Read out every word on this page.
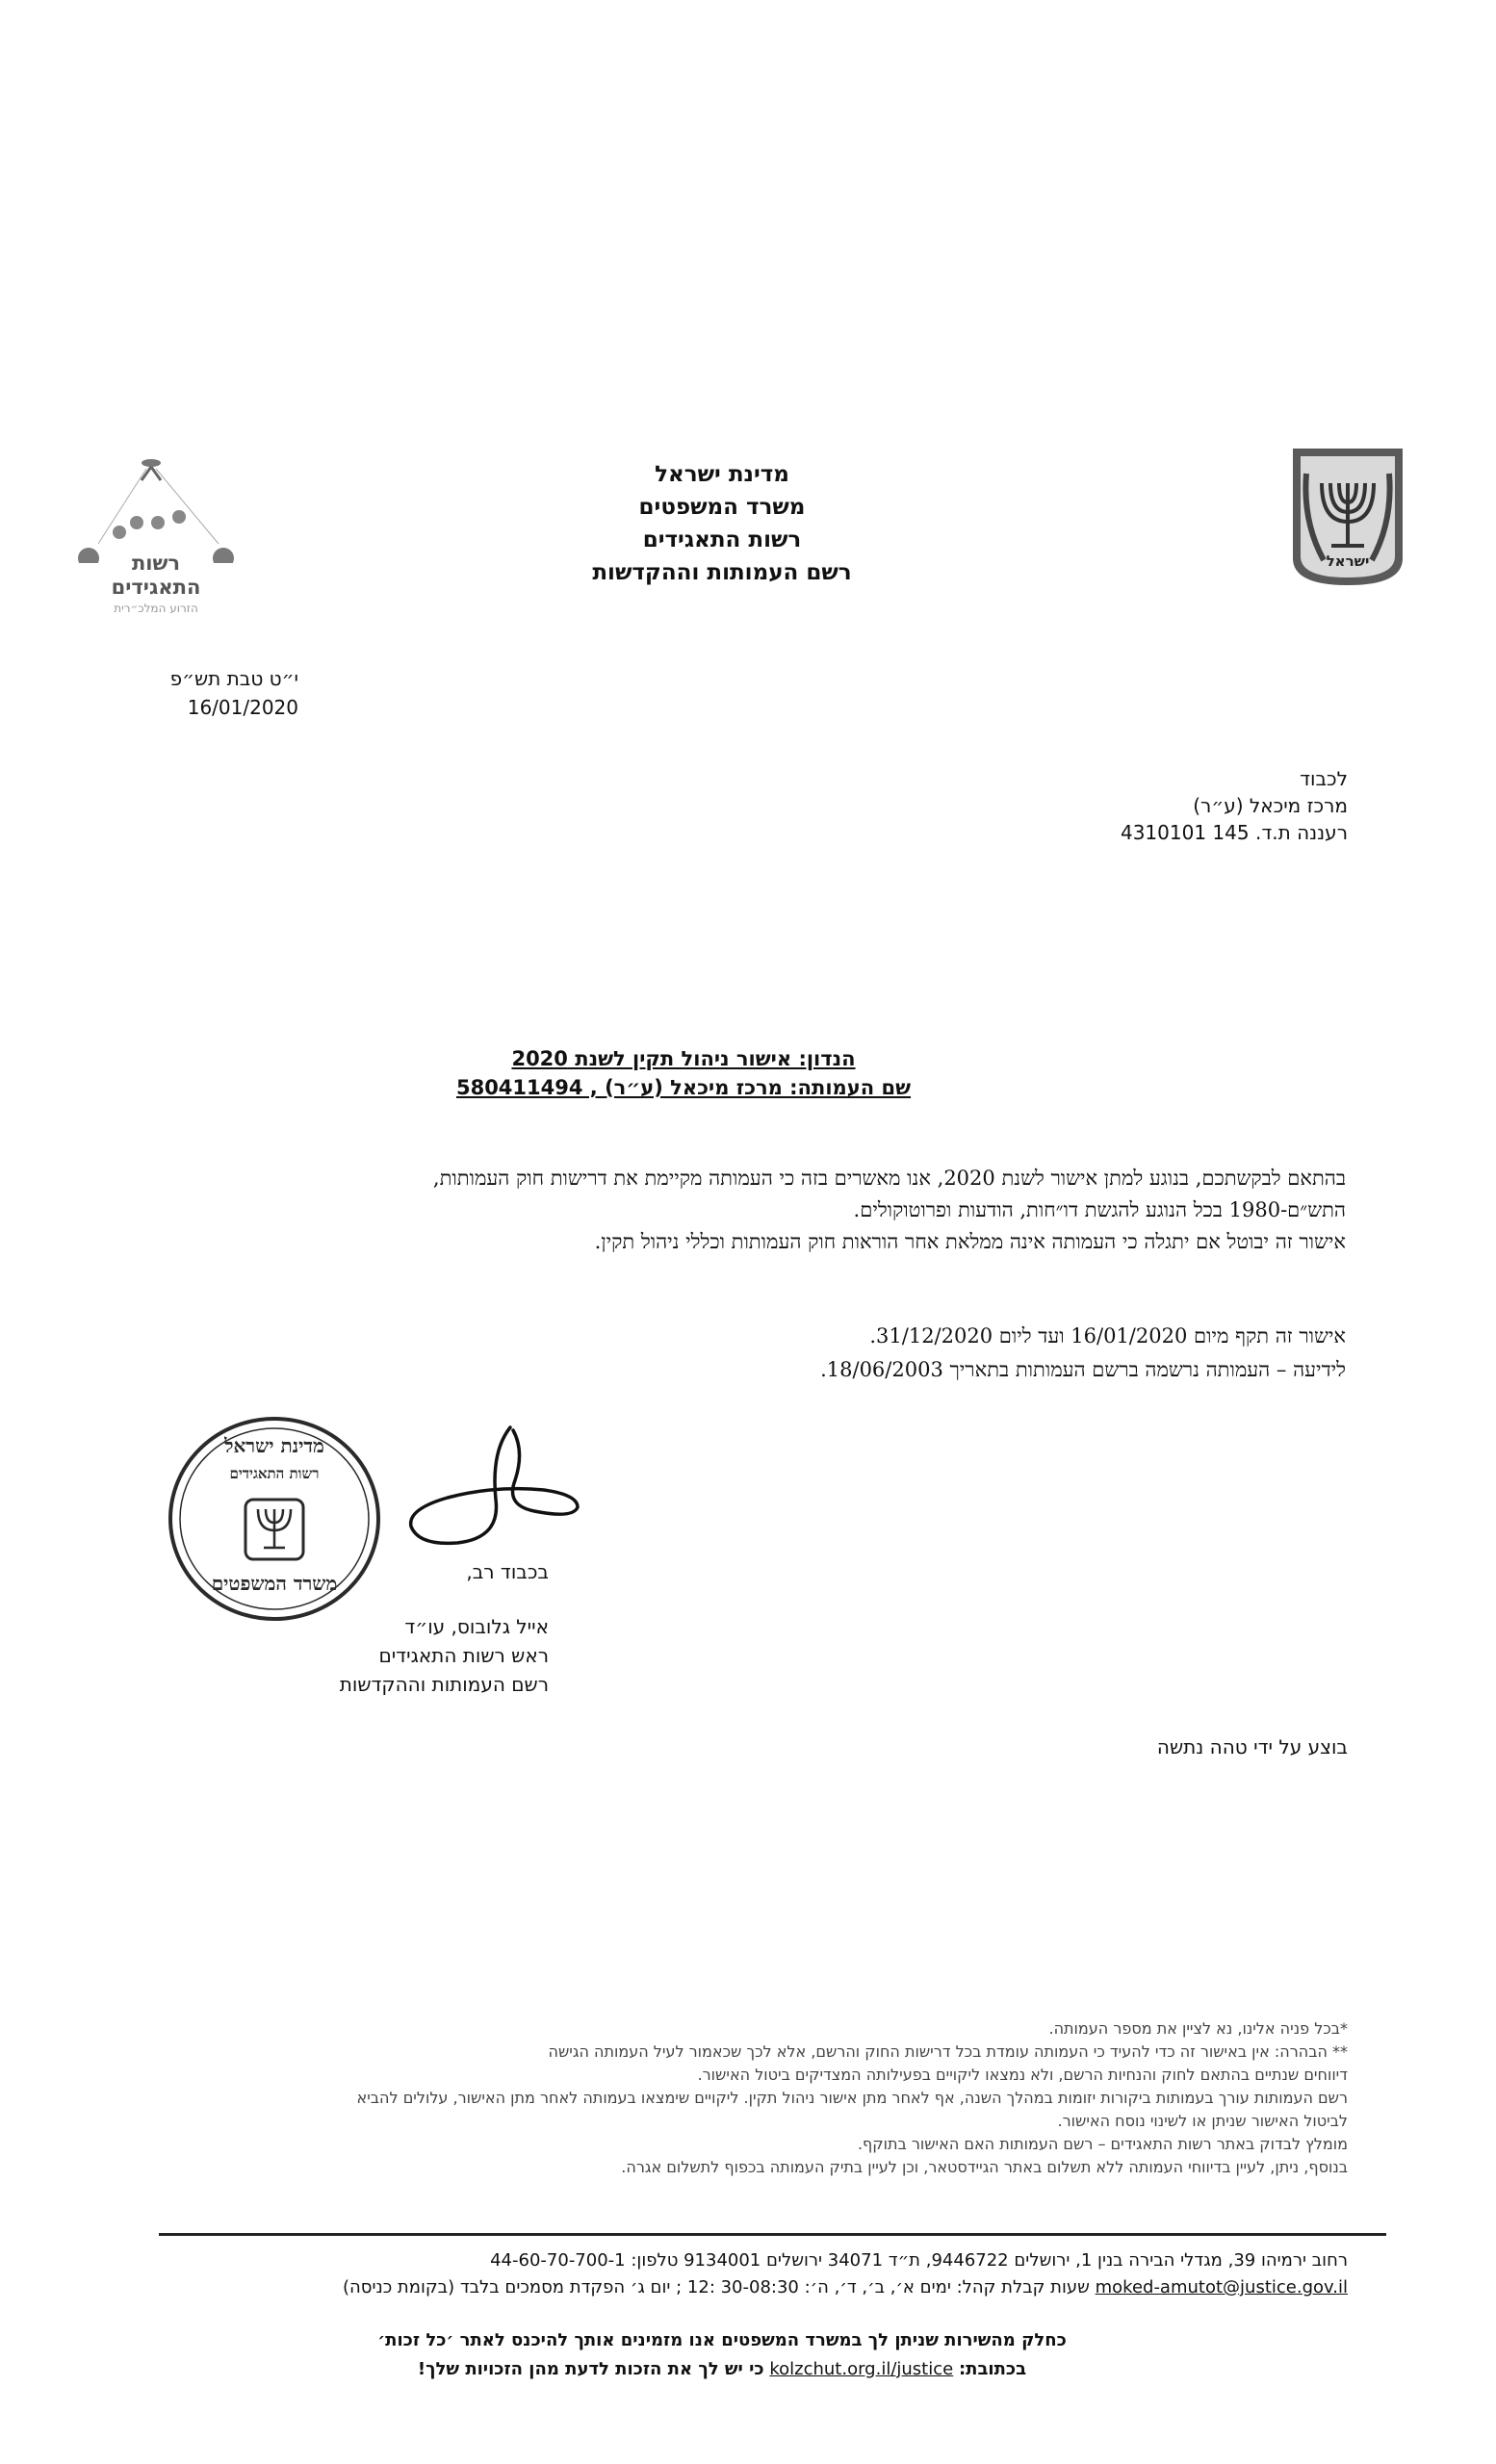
רשות
התאגידים
הזרוע המלכ״רית
מדינת ישראל
משרד המשפטים
רשות התאגידים
רשם העמותות וההקדשות	ישראל
י״ט טבת תש״פ
16/01/2020
לכבוד
מרכז מיכאל (ע״ר)
רעננה ת.ד. 145 4310101
הנדון: אישור ניהול תקין לשנת 2020
שם העמותה: מרכז מיכאל (ע״ר) , 580411494
בהתאם לבקשתכם, בנוגע למתן אישור לשנת 2020, אנו מאשרים בזה כי העמותה מקיימת את דרישות חוק העמותות,
התש״ם-1980 בכל הנוגע להגשת דו״חות, הודעות ופרוטוקולים.
אישור זה יבוטל אם יתגלה כי העמותה אינה ממלאת אחר הוראות חוק העמותות וכללי ניהול תקין.
אישור זה תקף מיום 16/01/2020 ועד ליום 31/12/2020.
לידיעה – העמותה נרשמה ברשם העמותות בתאריך 18/06/2003.
מדינת ישראל
רשות התאגידים
משרד המשפטים	בכבוד רב,
אייל גלובוס, עו״ד
ראש רשות התאגידים
רשם העמותות וההקדשות
בוצע על ידי טהה נתשה
*בכל פניה אלינו, נא לציין את מספר העמותה.
** הבהרה: אין באישור זה כדי להעיד כי העמותה עומדת בכל דרישות החוק והרשם, אלא לכך שכאמור לעיל העמותה הגישה
דיווחים שנתיים בהתאם לחוק והנחיות הרשם, ולא נמצאו ליקויים בפעילותה המצדיקים ביטול האישור.
רשם העמותות עורך בעמותות ביקורות יזומות במהלך השנה, אף לאחר מתן אישור ניהול תקין. ליקויים שימצאו בעמותה לאחר מתן האישור, עלולים להביא
לביטול האישור שניתן או לשינוי נוסח האישור.
מומלץ לבדוק באתר רשות התאגידים – רשם העמותות האם האישור בתוקף.
בנוסף, ניתן, לעיין בדיווחי העמותה ללא תשלום באתר הגיידסטאר, וכן לעיין בתיק העמותה בכפוף לתשלום אגרה.
רחוב ירמיהו 39, מגדלי הבירה בנין 1, ירושלים 9446722, ת״ד 34071 ירושלים 9134001 טלפון: 44-60-70-700-1
moked-amutot@justice.gov.il שעות קבלת קהל: ימים א׳, ב׳, ד׳, ה׳: 30-08:30 :12 ; יום ג׳ הפקדת מסמכים בלבד (בקומת כניסה)
כחלק מהשירות שניתן לך במשרד המשפטים אנו מזמינים אותך להיכנס לאתר ׳כל זכות׳
בכתובת: kolzchut.org.il/justice כי יש לך את הזכות לדעת מהן הזכויות שלך!
